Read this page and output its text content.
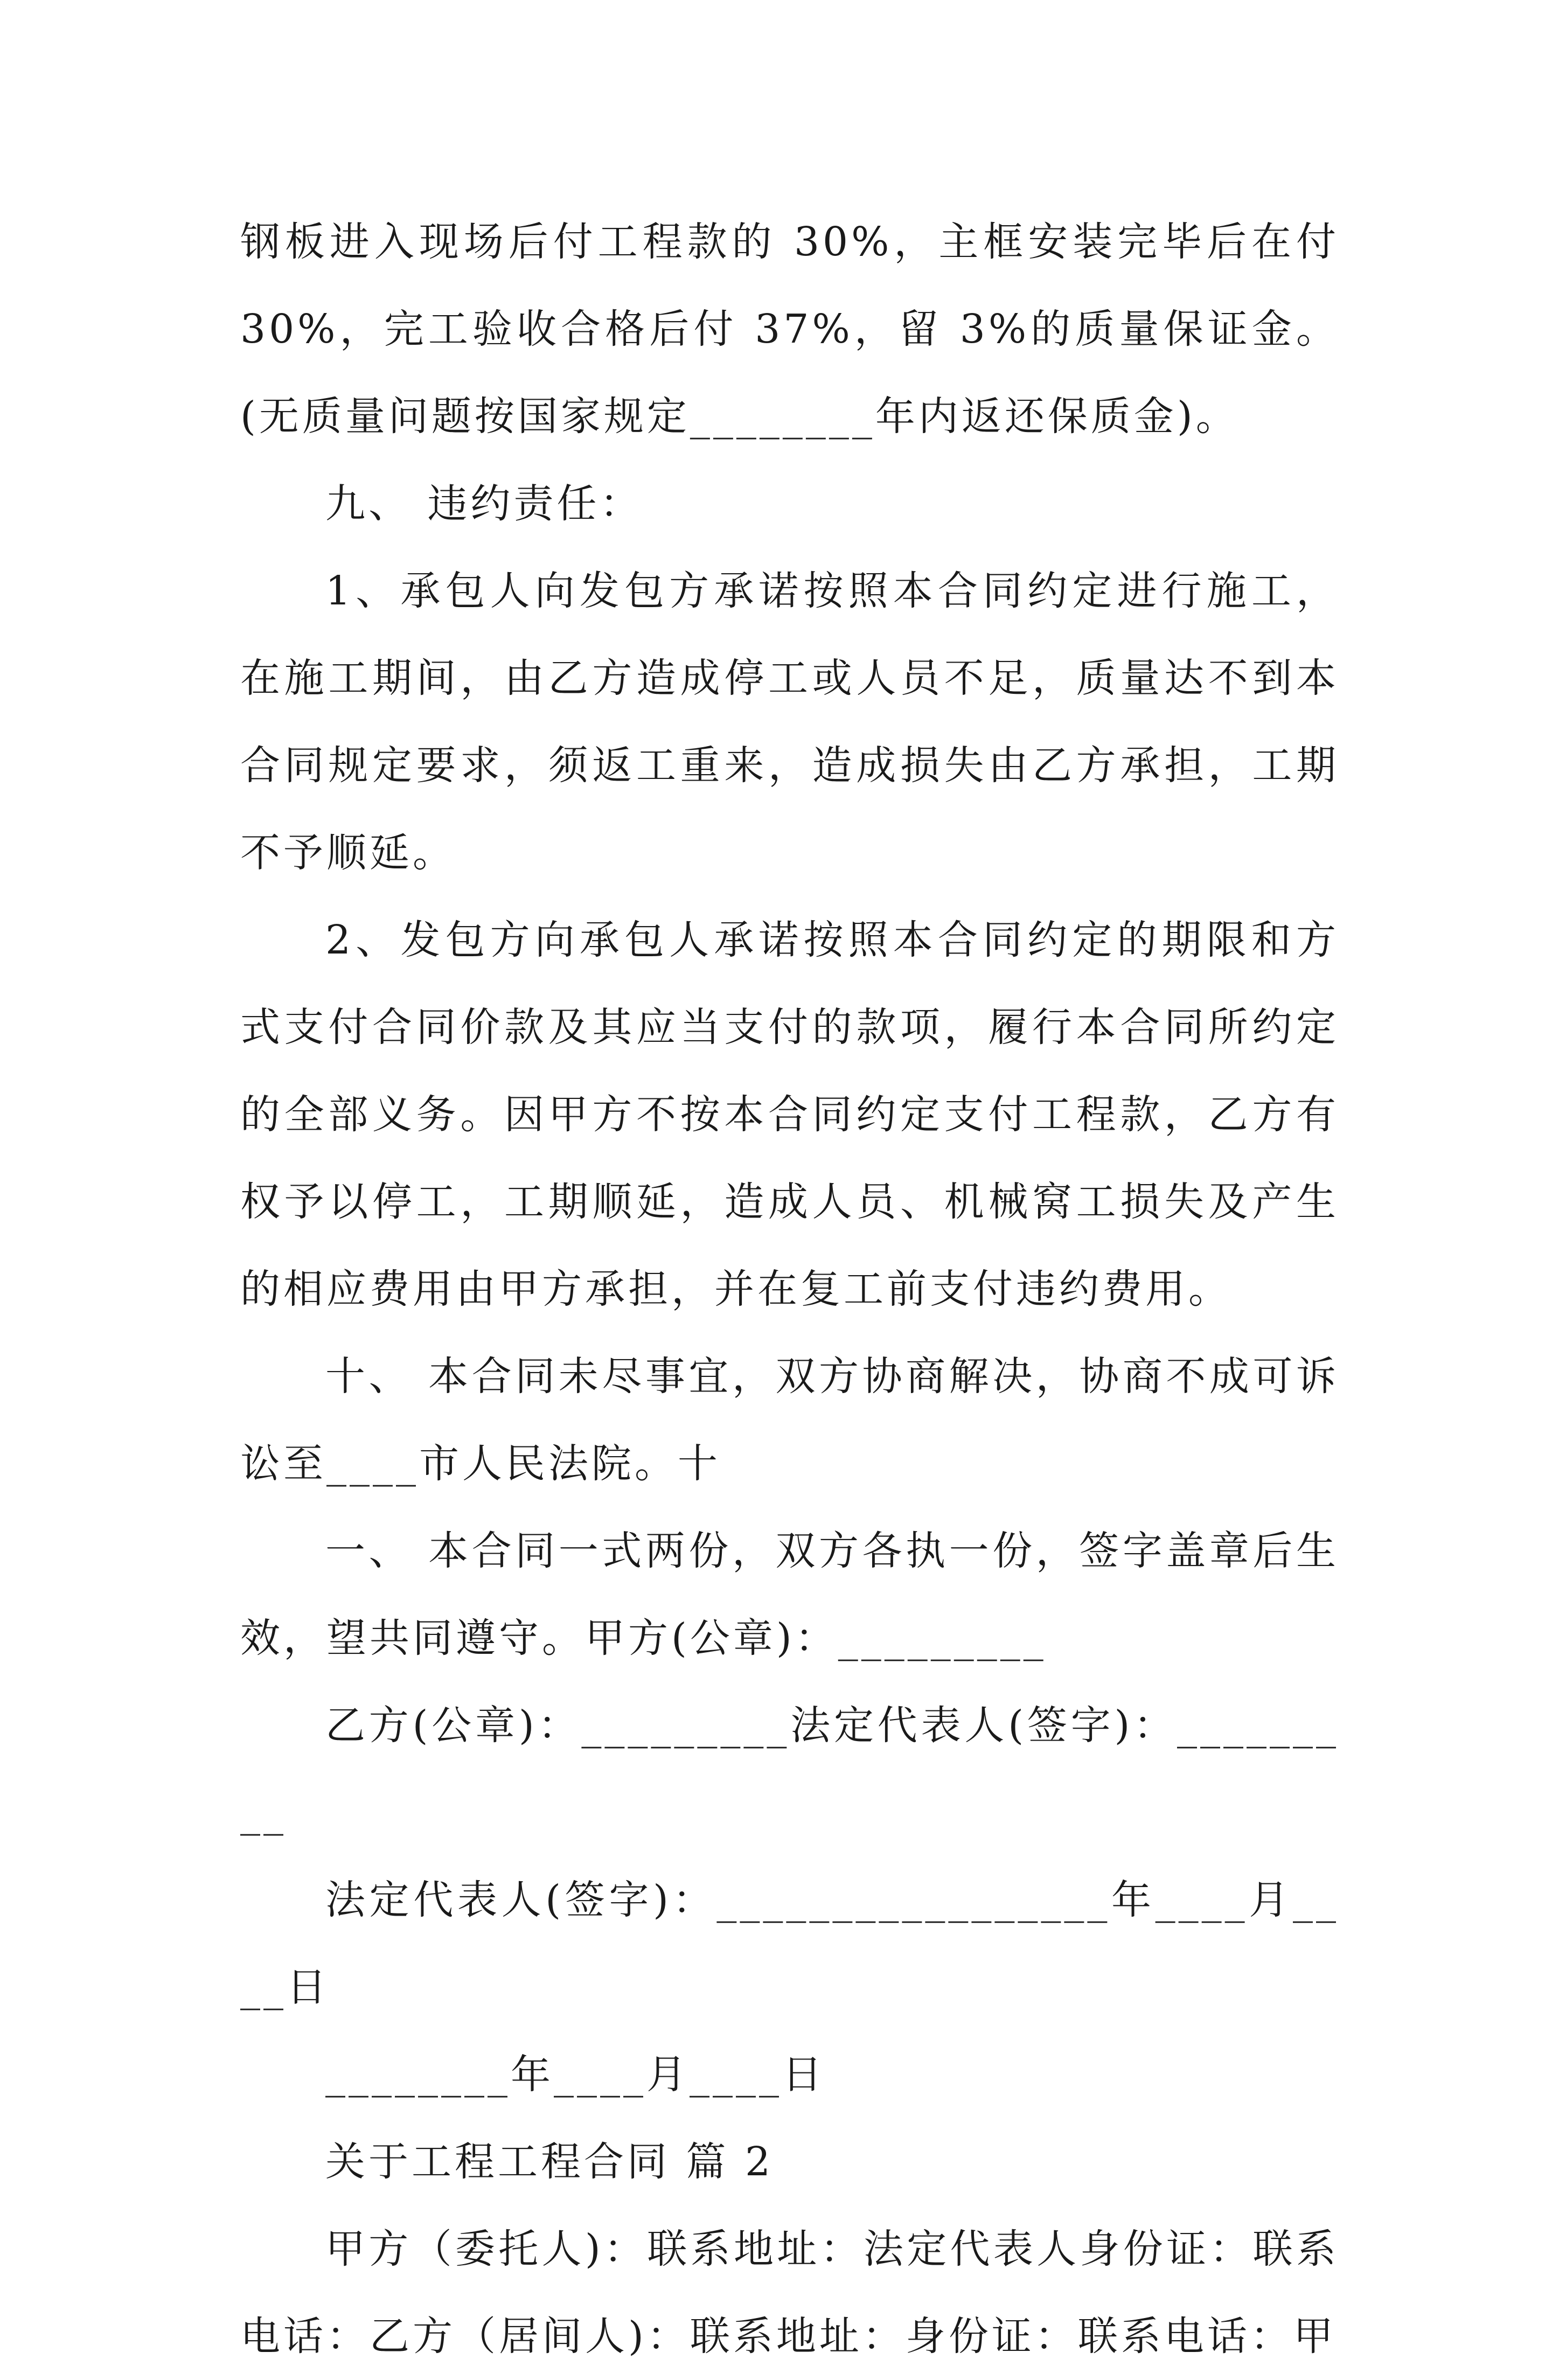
钢板进入现场后付工程款的 30%，主框安装完毕后在付 30%，完工验收合格后付 37%，留 3%的质量保证金。(无质量问题按国家规定________年内返还保质金)。

九、 违约责任：

1、承包人向发包方承诺按照本合同约定进行施工，在施工期间，由乙方造成停工或人员不足，质量达不到本合同规定要求，须返工重来，造成损失由乙方承担，工期不予顺延。

2、发包方向承包人承诺按照本合同约定的期限和方式支付合同价款及其应当支付的款项，履行本合同所约定的全部义务。因甲方不按本合同约定支付工程款，乙方有权予以停工，工期顺延，造成人员、机械窝工损失及产生的相应费用由甲方承担，并在复工前支付违约费用。

十、 本合同未尽事宜，双方协商解决，协商不成可诉讼至____市人民法院。十

一、 本合同一式两份，双方各执一份，签字盖章后生效，望共同遵守。甲方(公章)：_________

乙方(公章)：_________法定代表人(签字)：_________

法定代表人(签字)：_________________年____月____日

________年____月____日

关于工程工程合同 篇 2

甲方（委托人)：联系地址：法定代表人身份证：联系电话：乙方（居间人)：联系地址：身份证：联系电话：甲
